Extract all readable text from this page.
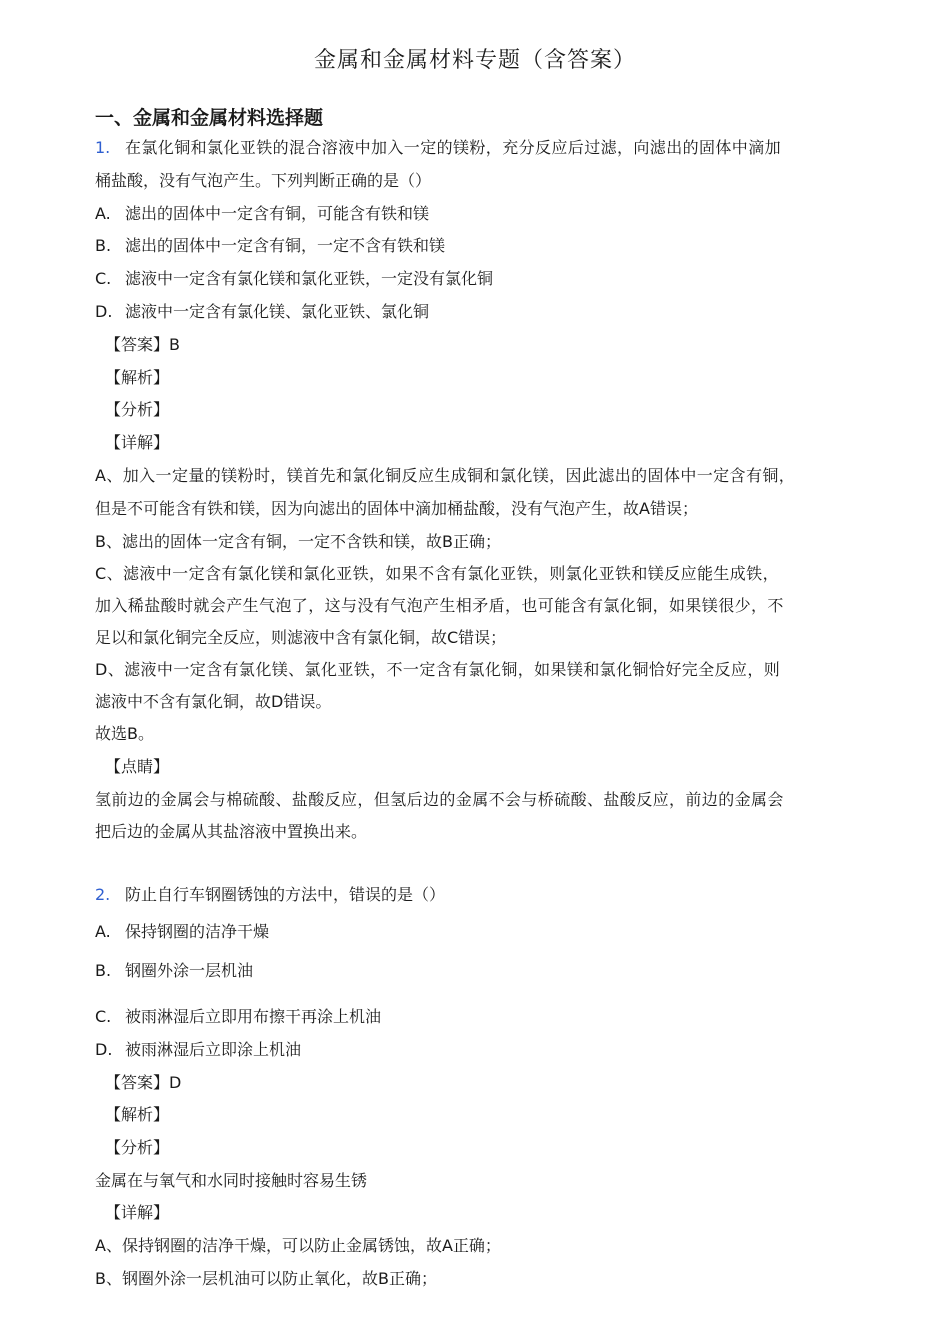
金属和金属材料专题（含答案）
一、金属和金属材料选择题
1. 在氯化铜和氯化亚铁的混合溶液中加入一定的镁粉，充分反应后过滤，向滤出的固体中滴加
桶盐酸，没有气泡产生。下列判断正确的是（）
A. 滤出的固体中一定含有铜，可能含有铁和镁
B. 滤出的固体中一定含有铜，一定不含有铁和镁
C. 滤液中一定含有氯化镁和氯化亚铁，一定没有氯化铜
D. 滤液中一定含有氯化镁、氯化亚铁、氯化铜
【答案】B
【解析】
【分析】
【详解】
A、加入一定量的镁粉时，镁首先和氯化铜反应生成铜和氯化镁，因此滤出的固体中一定含有铜，
但是不可能含有铁和镁，因为向滤出的固体中滴加桶盐酸，没有气泡产生，故A错误；
B、滤出的固体一定含有铜，一定不含铁和镁，故B正确；
C、滤液中一定含有氯化镁和氯化亚铁，如果不含有氯化亚铁，则氯化亚铁和镁反应能生成铁，
加入稀盐酸时就会产生气泡了，这与没有气泡产生相矛盾，也可能含有氯化铜，如果镁很少，不
足以和氯化铜完全反应，则滤液中含有氯化铜，故C错误；
D、滤液中一定含有氯化镁、氯化亚铁，不一定含有氯化铜，如果镁和氯化铜恰好完全反应，则
滤液中不含有氯化铜，故D错误。
故选B。
【点睛】
氢前边的金属会与棉硫酸、盐酸反应，但氢后边的金属不会与桥硫酸、盐酸反应，前边的金属会
把后边的金属从其盐溶液中置换出来。
2. 防止自行车钢圈锈蚀的方法中，错误的是（）
A. 保持钢圈的洁净干燥
B. 钢圈外涂一层机油
C. 被雨淋湿后立即用布擦干再涂上机油
D. 被雨淋湿后立即涂上机油
【答案】D
【解析】
【分析】
金属在与氧气和水同时接触时容易生锈
【详解】
A、保持钢圈的洁净干燥，可以防止金属锈蚀，故A正确；
B、钢圈外涂一层机油可以防止氧化，故B正确；
